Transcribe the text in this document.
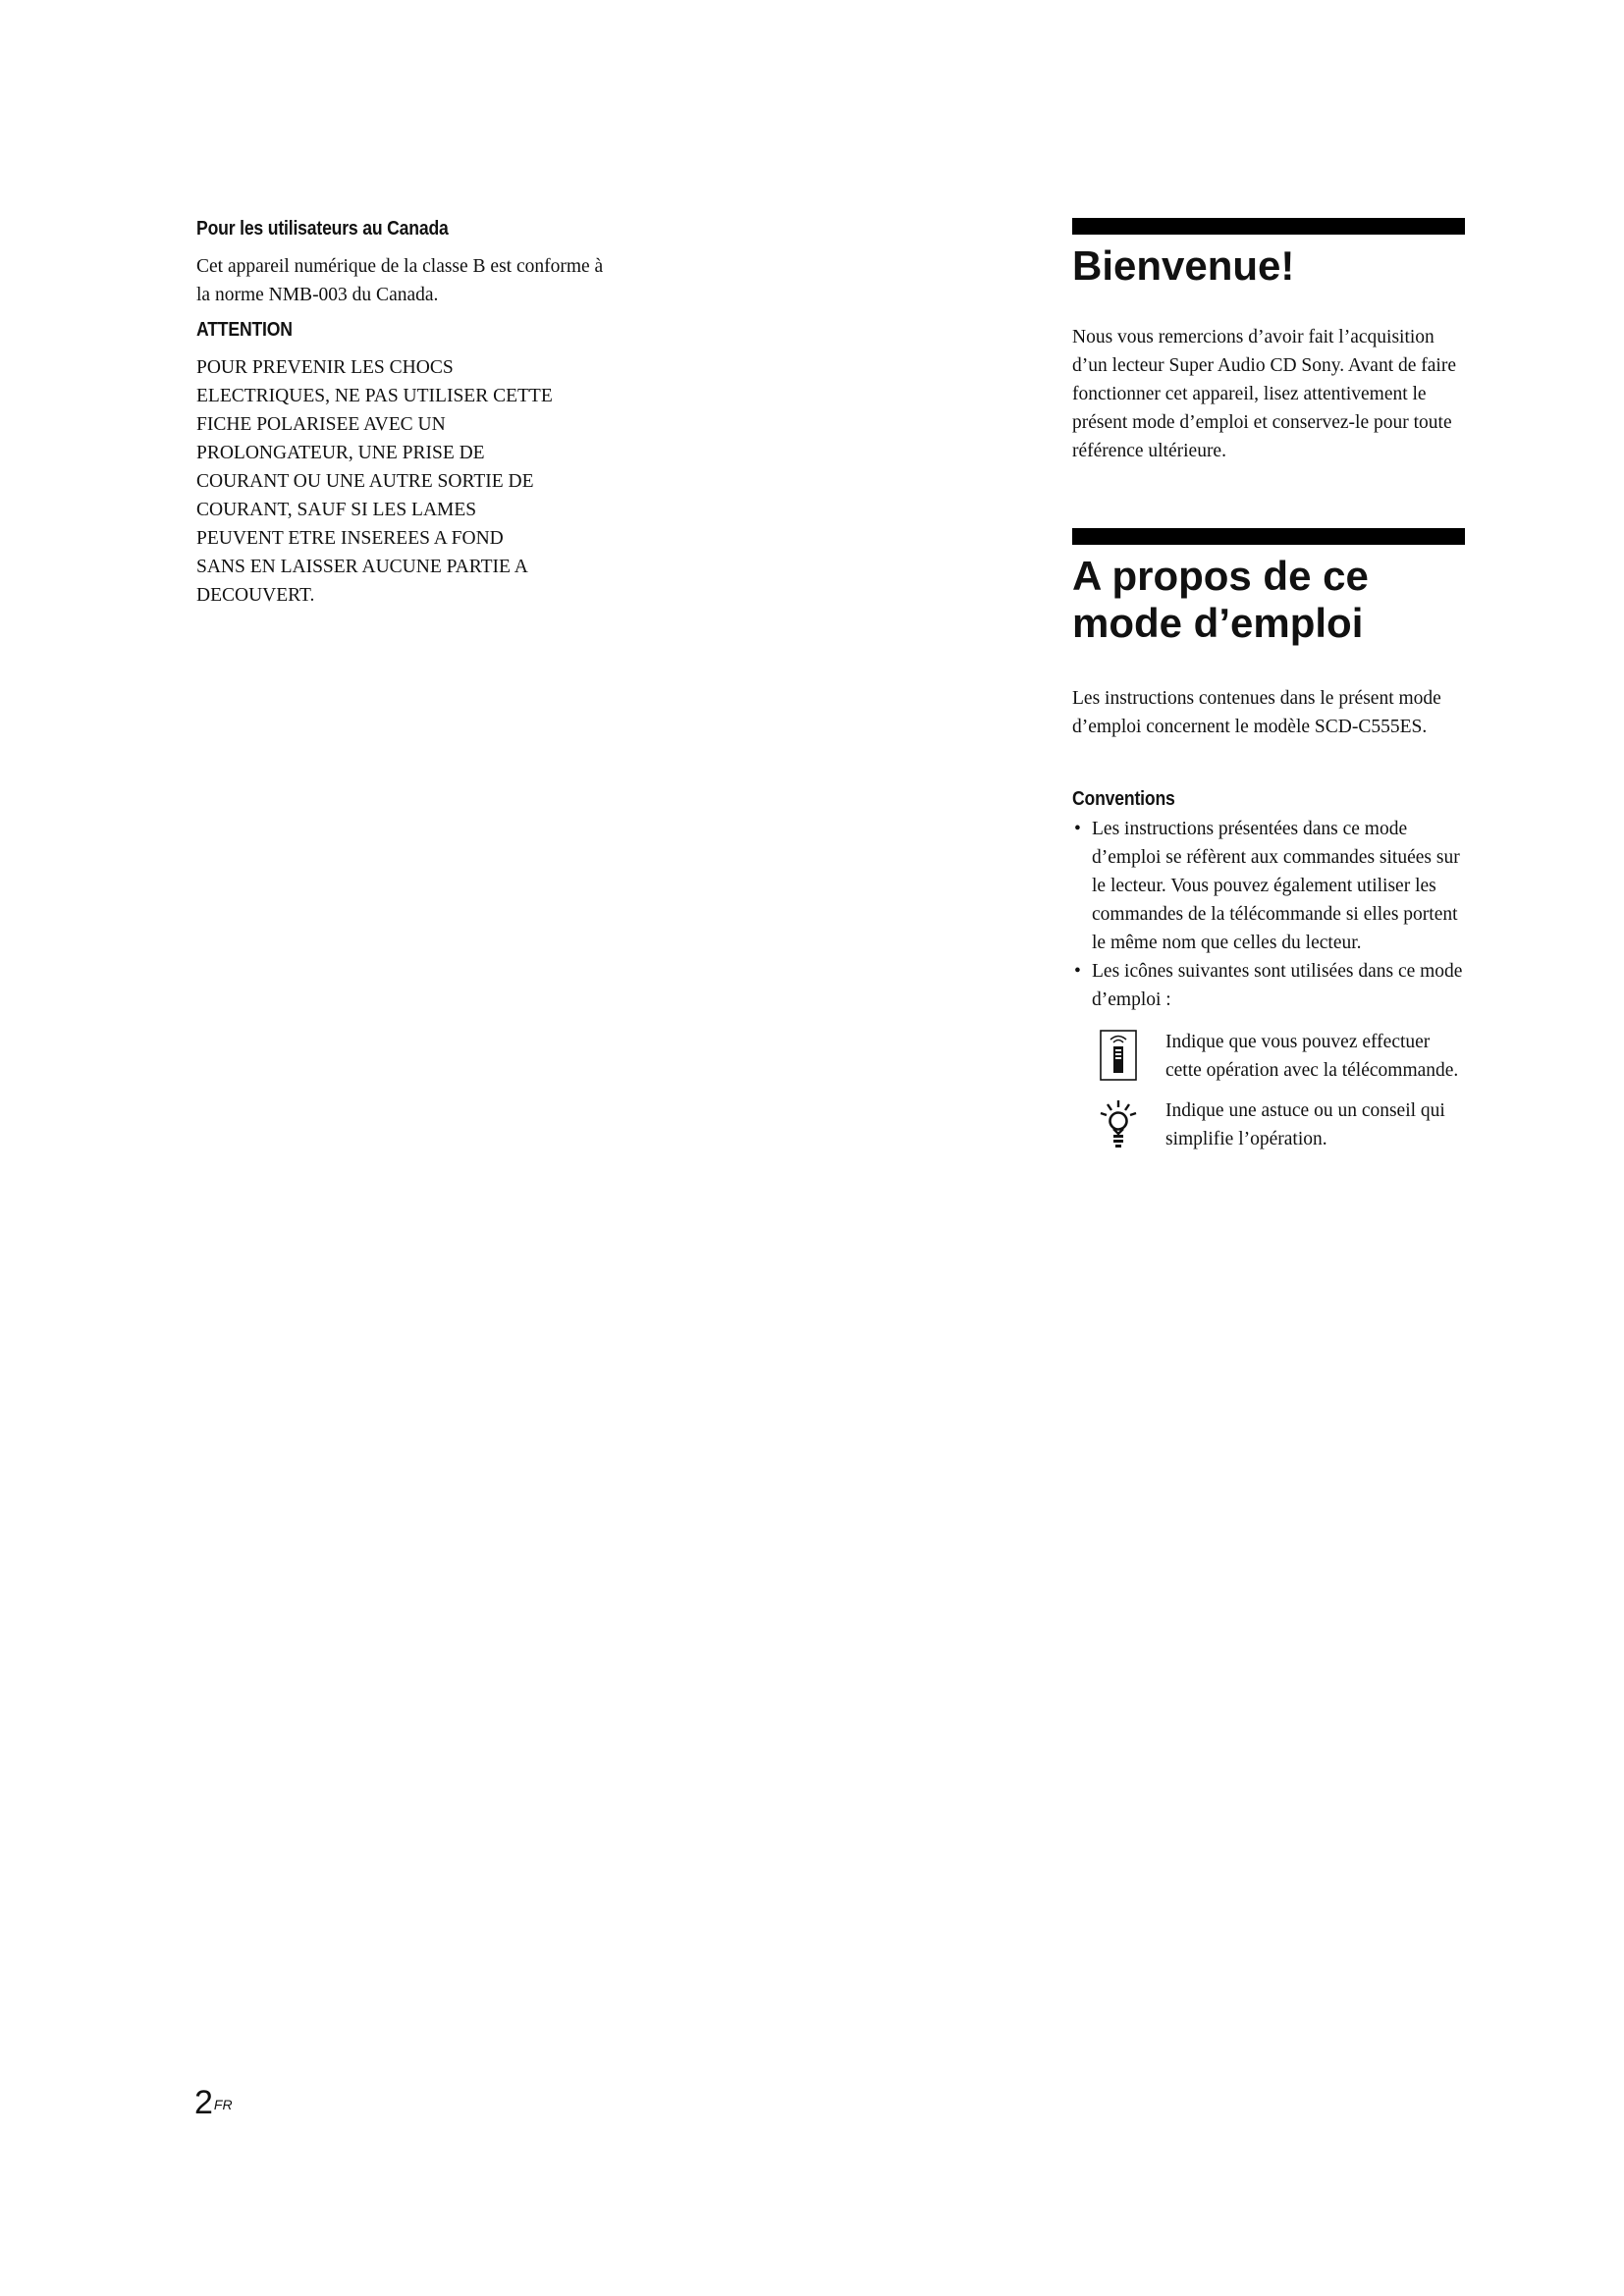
Pour les utilisateurs au Canada

Cet appareil numérique de la classe B est conforme à la norme NMB-003 du Canada.

ATTENTION

POUR PREVENIR LES CHOCS
ELECTRIQUES, NE PAS UTILISER CETTE
FICHE POLARISEE AVEC UN
PROLONGATEUR, UNE PRISE DE
COURANT OU UNE AUTRE SORTIE DE
COURANT, SAUF SI LES LAMES
PEUVENT ETRE INSEREES A FOND
SANS EN LAISSER AUCUNE PARTIE A
DECOUVERT.

Bienvenue!

Nous vous remercions d’avoir fait l’acquisition d’un lecteur Super Audio CD Sony. Avant de faire fonctionner cet appareil, lisez attentivement le présent mode d’emploi et conservez-le pour toute référence ultérieure.

A propos de ce mode d’emploi

Les instructions contenues dans le présent mode d’emploi concernent le modèle SCD-C555ES.

Conventions
• Les instructions présentées dans ce mode d’emploi se réfèrent aux commandes situées sur le lecteur. Vous pouvez également utiliser les commandes de la télécommande si elles portent le même nom que celles du lecteur.
• Les icônes suivantes sont utilisées dans ce mode d’emploi :
Indique que vous pouvez effectuer cette opération avec la télécommande.
Indique une astuce ou un conseil qui simplifie l’opération.
$2^{FR}$
